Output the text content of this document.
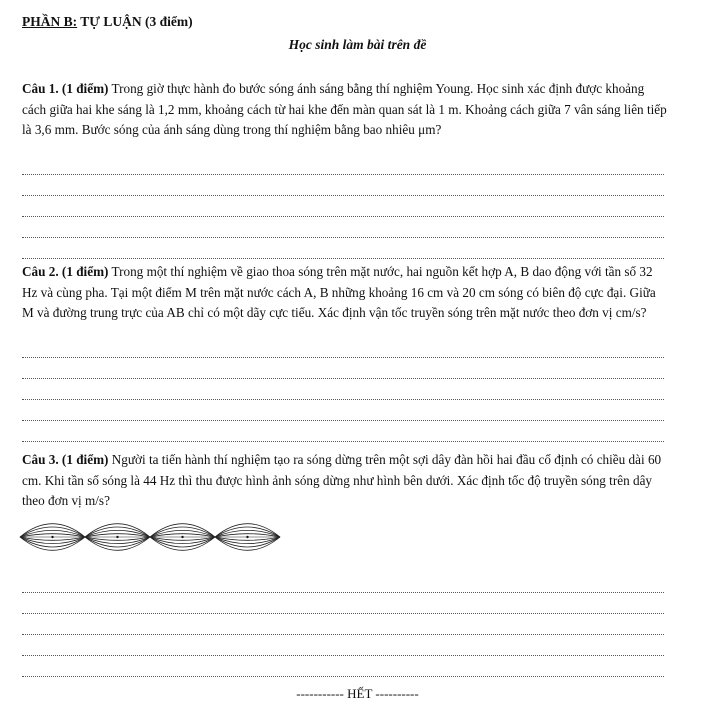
PHẦN B: TỰ LUẬN (3 điểm)
Học sinh làm bài trên đề
Câu 1. (1 điểm) Trong giờ thực hành đo bước sóng ánh sáng bằng thí nghiệm Young. Học sinh xác định được khoảng cách giữa hai khe sáng là 1,2 mm, khoảng cách từ hai khe đến màn quan sát là 1 m. Khoảng cách giữa 7 vân sáng liên tiếp là 3,6 mm. Bước sóng của ánh sáng dùng trong thí nghiệm bằng bao nhiêu μm?
Câu 2. (1 điểm) Trong một thí nghiệm về giao thoa sóng trên mặt nước, hai nguồn kết hợp A, B dao động với tần số 32 Hz và cùng pha. Tại một điểm M trên mặt nước cách A, B những khoảng 16 cm và 20 cm sóng có biên độ cực đại. Giữa M và đường trung trực của AB chỉ có một dãy cực tiểu. Xác định vận tốc truyền sóng trên mặt nước theo đơn vị cm/s?
Câu 3. (1 điểm) Người ta tiến hành thí nghiệm tạo ra sóng dừng trên một sợi dây đàn hồi hai đầu cố định có chiều dài 60 cm. Khi tần số sóng là 44 Hz thì thu được hình ảnh sóng dừng như hình bên dưới. Xác định tốc độ truyền sóng trên dây theo đơn vị m/s?
----------- HẾT ----------
